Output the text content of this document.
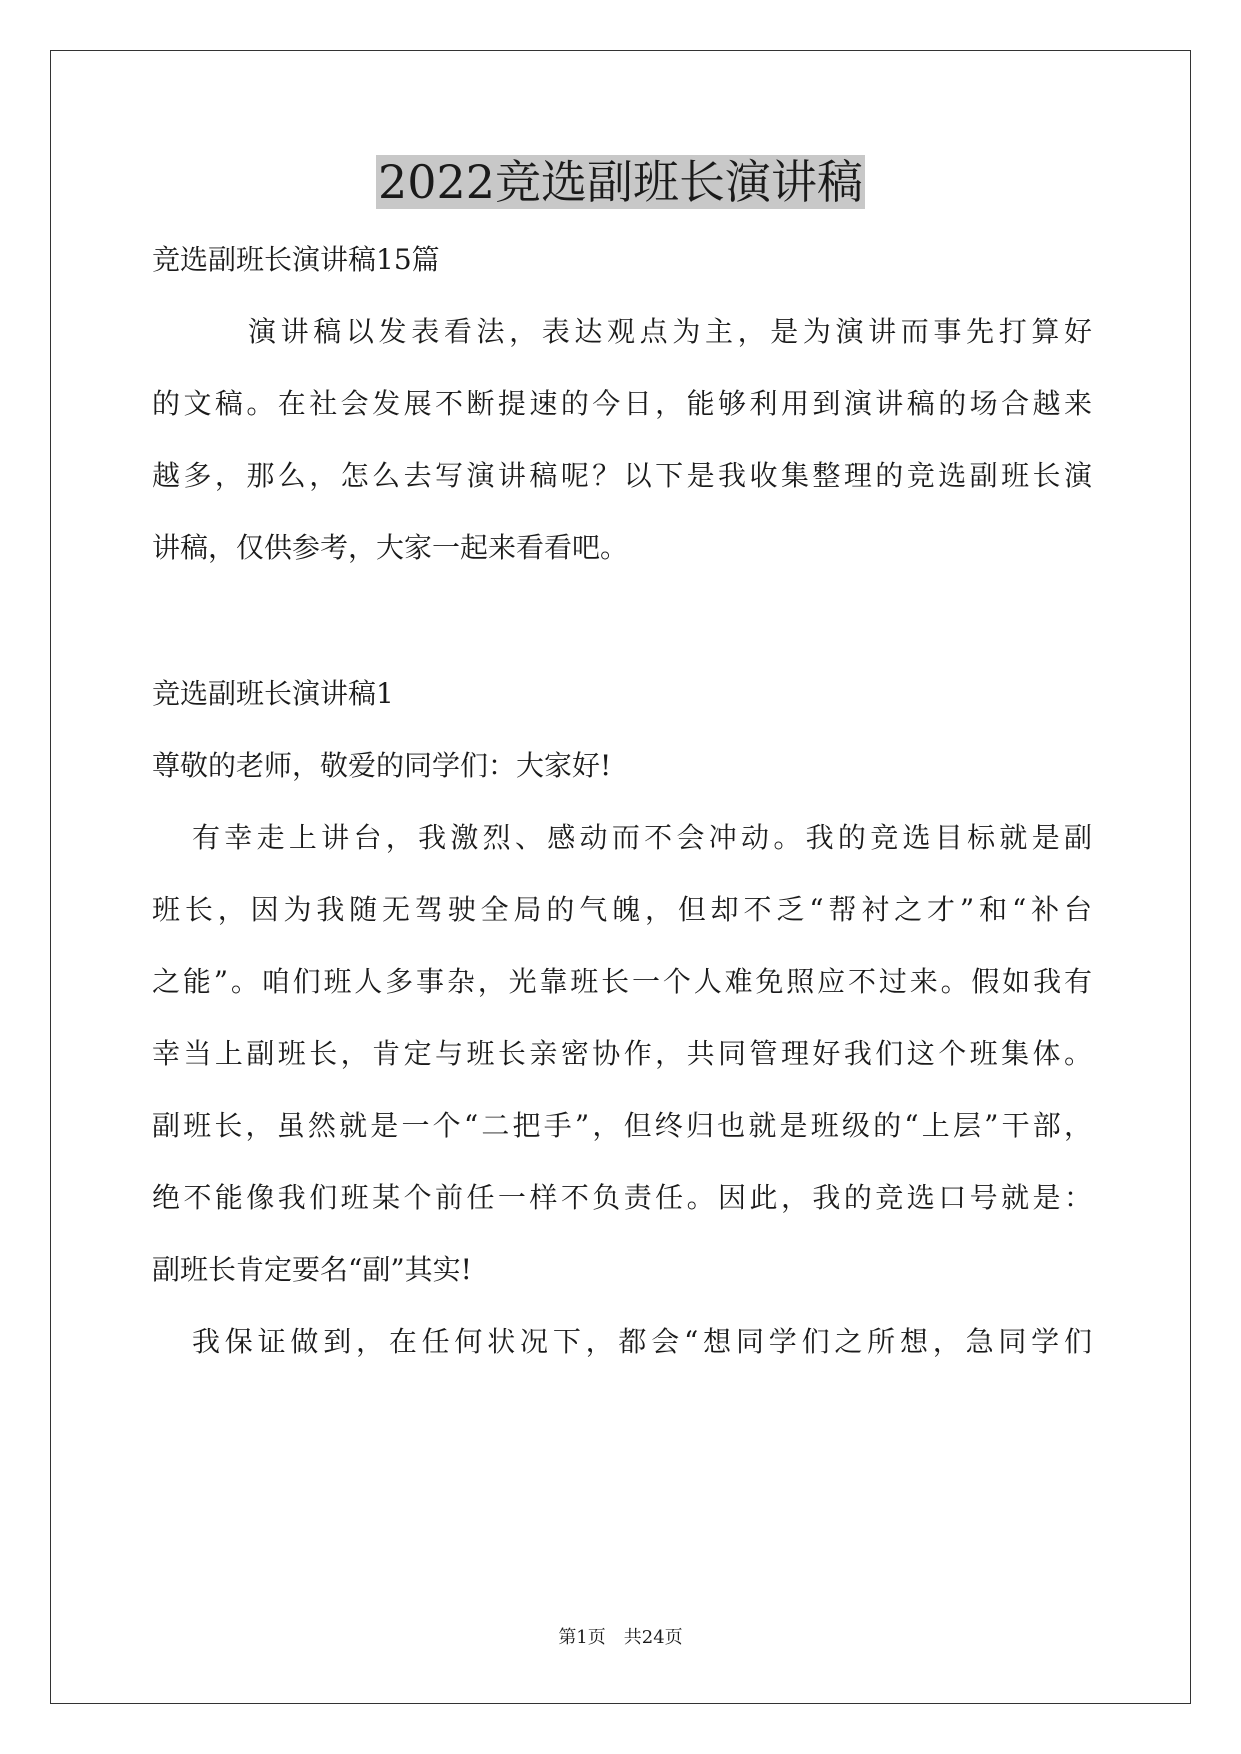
2022竞选副班长演讲稿
竞选副班长演讲稿15篇
演讲稿以发表看法，表达观点为主，是为演讲而事先打算好
的文稿。在社会发展不断提速的今日，能够利用到演讲稿的场合越来
越多，那么，怎么去写演讲稿呢？以下是我收集整理的竞选副班长演
讲稿，仅供参考，大家一起来看看吧。
竞选副班长演讲稿1
尊敬的老师，敬爱的同学们：大家好!
有幸走上讲台，我激烈、感动而不会冲动。我的竞选目标就是副
班长，因为我随无驾驶全局的气魄，但却不乏“帮衬之才”和“补台
之能”。咱们班人多事杂，光靠班长一个人难免照应不过来。假如我有
幸当上副班长，肯定与班长亲密协作，共同管理好我们这个班集体。
副班长，虽然就是一个“二把手”，但终归也就是班级的“上层”干部，
绝不能像我们班某个前任一样不负责任。因此，我的竞选口号就是：
副班长肯定要名“副”其实!
我保证做到，在任何状况下，都会“想同学们之所想，急同学们
第1页　共24页
